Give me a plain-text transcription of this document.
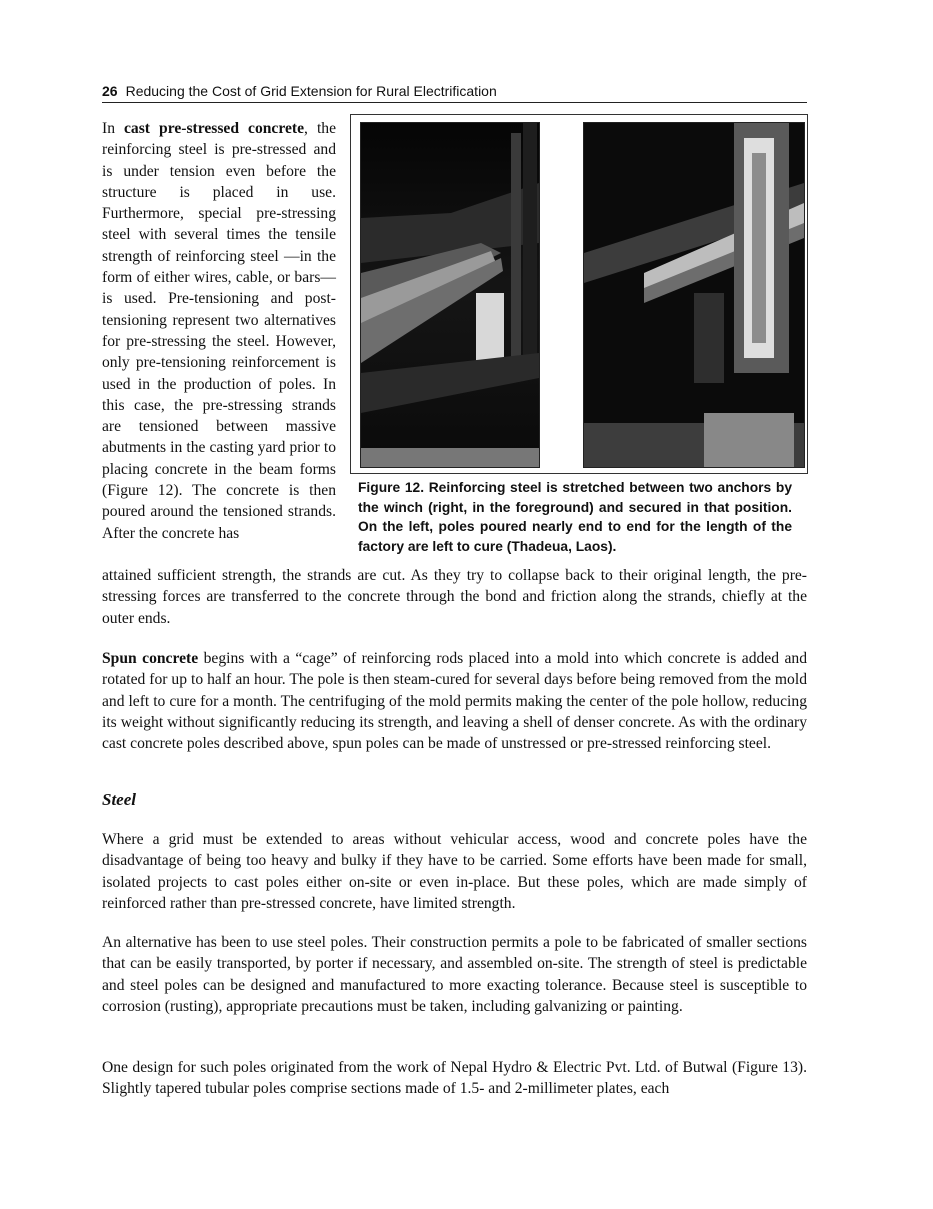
26 Reducing the Cost of Grid Extension for Rural Electrification

In cast pre-stressed concrete, the reinforcing steel is pre-stressed and is under tension even before the structure is placed in use. Furthermore, special pre-stressing steel with several times the tensile strength of reinforcing steel —in the form of either wires, cable, or bars—is used. Pre-tensioning and post-tensioning represent two alternatives for pre-stressing the steel. However, only pre-tensioning reinforcement is used in the production of poles. In this case, the pre-stressing strands are tensioned between massive abutments in the casting yard prior to placing concrete in the beam forms (Figure 12). The concrete is then poured around the tensioned strands. After the concrete has

attained sufficient strength, the strands are cut. As they try to collapse back to their original length, the pre-stressing forces are transferred to the concrete through the bond and friction along the strands, chiefly at the outer ends.

Figure 12. Reinforcing steel is stretched between two anchors by the winch (right, in the foreground) and secured in that position. On the left, poles poured nearly end to end for the length of the factory are left to cure (Thadeua, Laos).

Spun concrete begins with a “cage” of reinforcing rods placed into a mold into which concrete is added and rotated for up to half an hour. The pole is then steam-cured for several days before being removed from the mold and left to cure for a month. The centrifuging of the mold permits making the center of the pole hollow, reducing its weight without significantly reducing its strength, and leaving a shell of denser concrete. As with the ordinary cast concrete poles described above, spun poles can be made of unstressed or pre-stressed reinforcing steel.

Steel

Where a grid must be extended to areas without vehicular access, wood and concrete poles have the disadvantage of being too heavy and bulky if they have to be carried. Some efforts have been made for small, isolated projects to cast poles either on-site or even in-place. But these poles, which are made simply of reinforced rather than pre-stressed concrete, have limited strength.

An alternative has been to use steel poles. Their construction permits a pole to be fabricated of smaller sections that can be easily transported, by porter if necessary, and assembled on-site. The strength of steel is predictable and steel poles can be designed and manufactured to more exacting tolerance. Because steel is susceptible to corrosion (rusting), appropriate precautions must be taken, including galvanizing or painting.

One design for such poles originated from the work of Nepal Hydro & Electric Pvt. Ltd. of Butwal (Figure 13). Slightly tapered tubular poles comprise sections made of 1.5- and 2-millimeter plates, each
